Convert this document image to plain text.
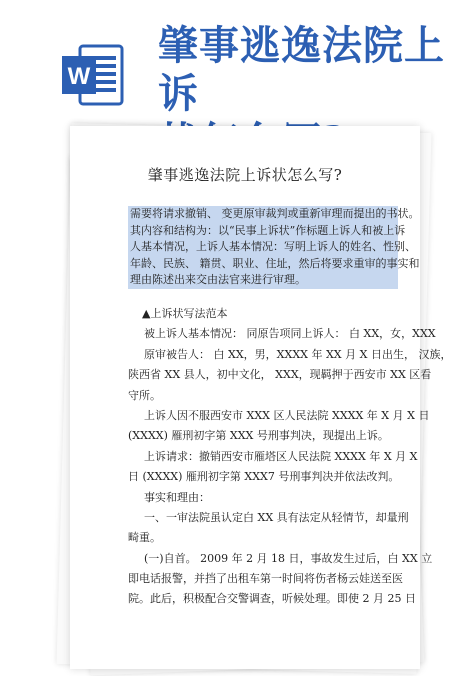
W
肇事逃逸法院上诉
肇事逃逸法院上诉状怎么写?
需要将请求撤销、 变更原审裁判或重新审理而提出的书状。
其内容和结构为：以“民事上诉状”作标题上诉人和被上诉
人基本情况，上诉人基本情况：写明上诉人的姓名、性别、
年龄、民族、 籍贯、职业、住址，然后将要求重审的事实和
理由陈述出来交由法官来进行审理。
▲上诉状写法范本
被上诉人基本情况： 同原告项同上诉人： 白 XX，女，XXX
原审被告人： 白 XX，男，XXXX 年 XX 月 X 日出生， 汉族，
陕西省 XX 县人，初中文化， XXX，现羁押于西安市 XX 区看
守所。
上诉人因不服西安市 XXX 区人民法院 XXXX 年 X 月 X 日
(XXXX) 雁刑初字第 XXX 号刑事判决，现提出上诉。
上诉请求：撤销西安市雁塔区人民法院 XXXX 年 X 月 X
日 (XXXX) 雁刑初字第 XXX7 号刑事判决并依法改判。
事实和理由：
一、一审法院虽认定白 XX 具有法定从轻情节，却量刑
畸重。
(一)自首。 2009 年 2 月 18 日，事故发生过后，白 XX 立
即电话报警，并挡了出租车第一时间将伤者杨云娃送至医
院。此后，积极配合交警调查，听候处理。即使 2 月 25 日
